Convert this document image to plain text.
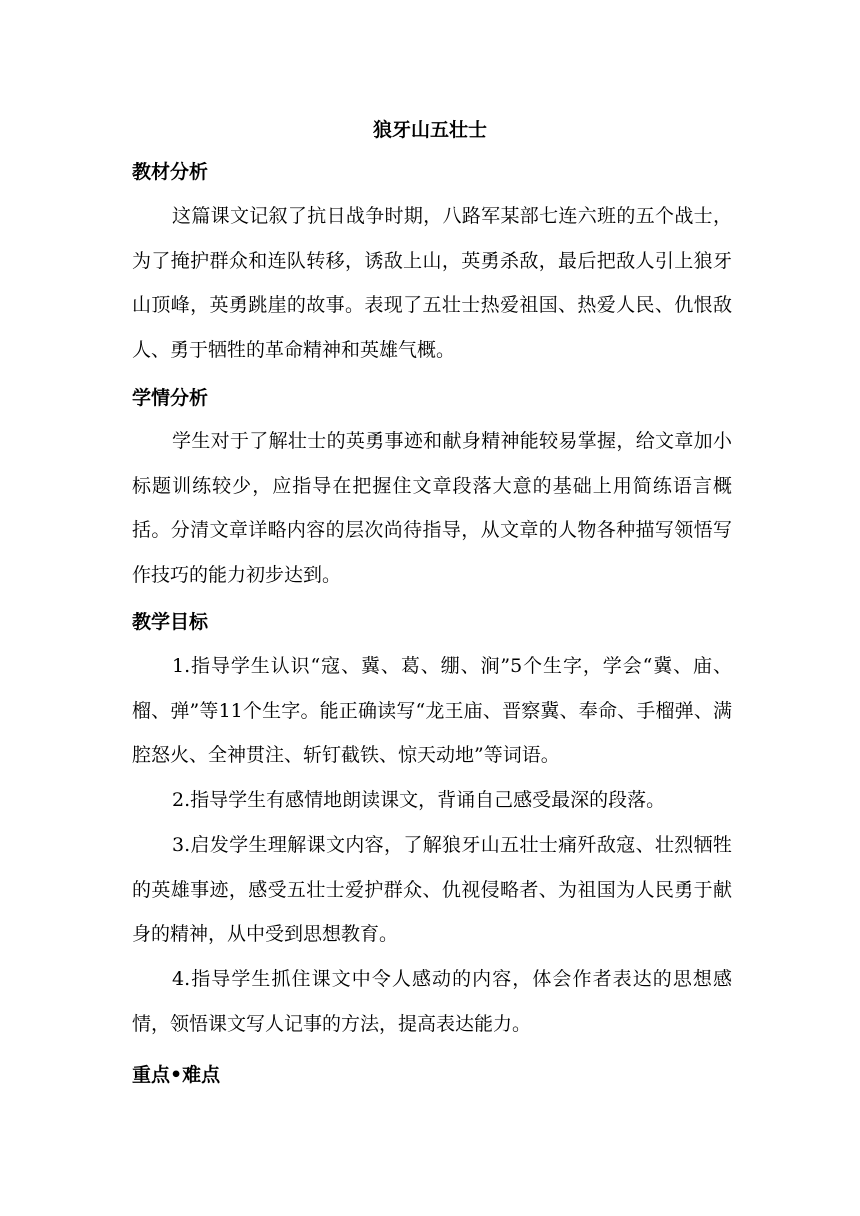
狼牙山五壮士
教材分析

这篇课文记叙了抗日战争时期，八路军某部七连六班的五个战士，为了掩护群众和连队转移，诱敌上山，英勇杀敌，最后把敌人引上狼牙山顶峰，英勇跳崖的故事。表现了五壮士热爱祖国、热爱人民、仇恨敌人、勇于牺牲的革命精神和英雄气概。

学情分析

学生对于了解壮士的英勇事迹和献身精神能较易掌握，给文章加小标题训练较少，应指导在把握住文章段落大意的基础上用简练语言概括。分清文章详略内容的层次尚待指导，从文章的人物各种描写领悟写作技巧的能力初步达到。

教学目标

1.指导学生认识“寇、冀、葛、绷、涧”5个生字，学会“冀、庙、榴、弹”等11个生字。能正确读写“龙王庙、晋察冀、奉命、手榴弹、满腔怒火、全神贯注、斩钉截铁、惊天动地”等词语。

2.指导学生有感情地朗读课文，背诵自己感受最深的段落。

3.启发学生理解课文内容，了解狼牙山五壮士痛歼敌寇、壮烈牺牲的英雄事迹，感受五壮士爱护群众、仇视侵略者、为祖国为人民勇于献身的精神，从中受到思想教育。

4.指导学生抓住课文中令人感动的内容，体会作者表达的思想感情，领悟课文写人记事的方法，提高表达能力。

重点•难点
